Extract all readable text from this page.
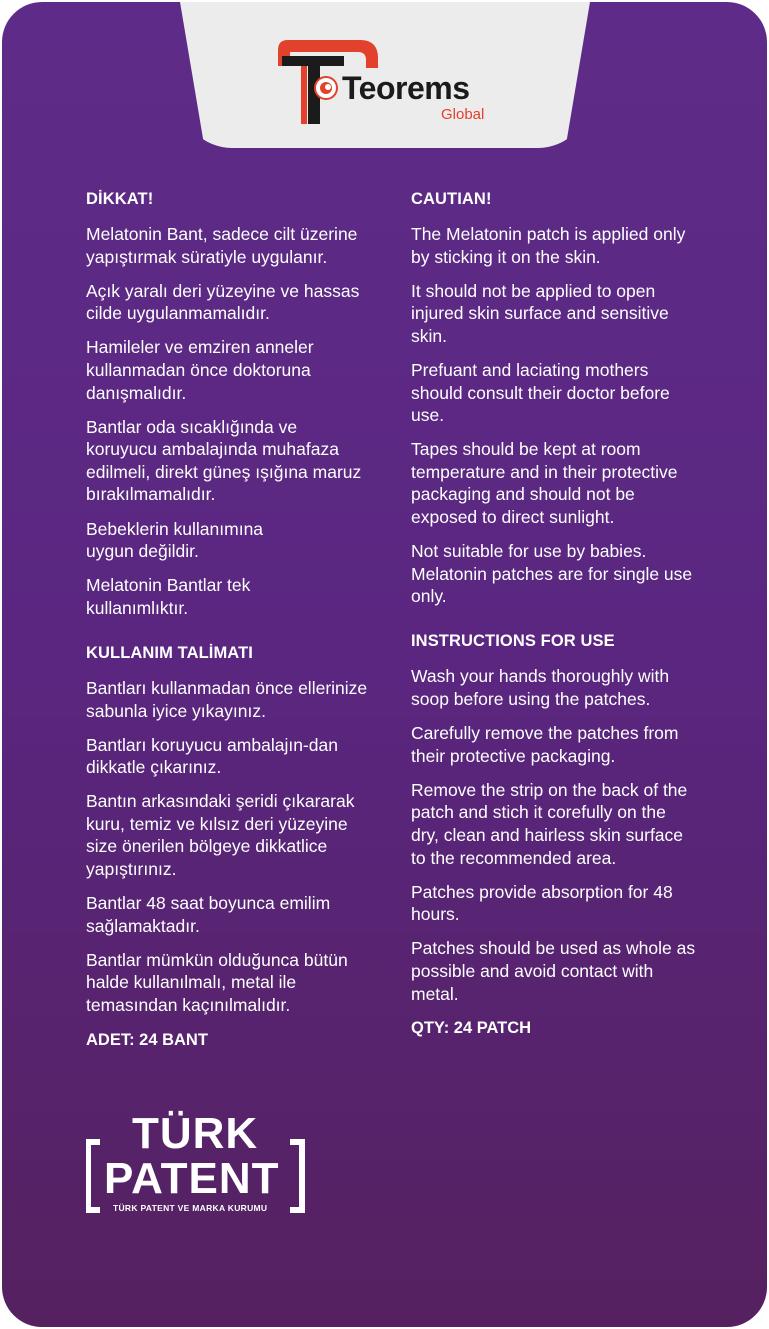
Teorems
Global
DİKKAT!
Melatonin Bant, sadece cilt üzerine yapıştırmak süratiyle uygulanır.
Açık yaralı deri yüzeyine ve hassas cilde uygulanmamalıdır.
Hamileler ve emziren anneler kullanmadan önce doktoruna danışmalıdır.
Bantlar oda sıcaklığında ve koruyucu ambalajında muhafaza edilmeli, direkt güneş ışığına maruz bırakılmamalıdır.
Bebeklerin kullanımına uygun değildir.
Melatonin Bantlar tek kullanımlıktır.
KULLANIM TALİMATI
Bantları kullanmadan önce ellerinize sabunla iyice yıkayınız.
Bantları koruyucu ambalajın-dan dikkatle çıkarınız.
Bantın arkasındaki şeridi çıkararak kuru, temiz ve kılsız deri yüzeyine size önerilen bölgeye dikkatlice yapıştırınız.
Bantlar 48 saat boyunca emilim sağlamaktadır.
Bantlar mümkün olduğunca bütün halde kullanılmalı, metal ile temasından kaçınılmalıdır.
ADET: 24 BANT
CAUTIAN!
The Melatonin patch is applied only by sticking it on the skin.
It should not be applied to open injured skin surface and sensitive skin.
Prefuant and laciating mothers should consult their doctor before use.
Tapes should be kept at room temperature and in their protective packaging and should not be exposed to direct sunlight.
Not suitable for use by babies. Melatonin patches are for single use only.
INSTRUCTIONS FOR USE
Wash your hands thoroughly with soop before using the patches.
Carefully remove the patches from their protective packaging.
Remove the strip on the back of the patch and stich it corefully on the dry, clean and hairless skin surface to the recommended area.
Patches provide absorption for 48 hours.
Patches should be used as whole as possible and avoid contact with metal.
QTY: 24 PATCH
TÜRK
PATENT
TÜRK PATENT VE MARKA KURUMU
